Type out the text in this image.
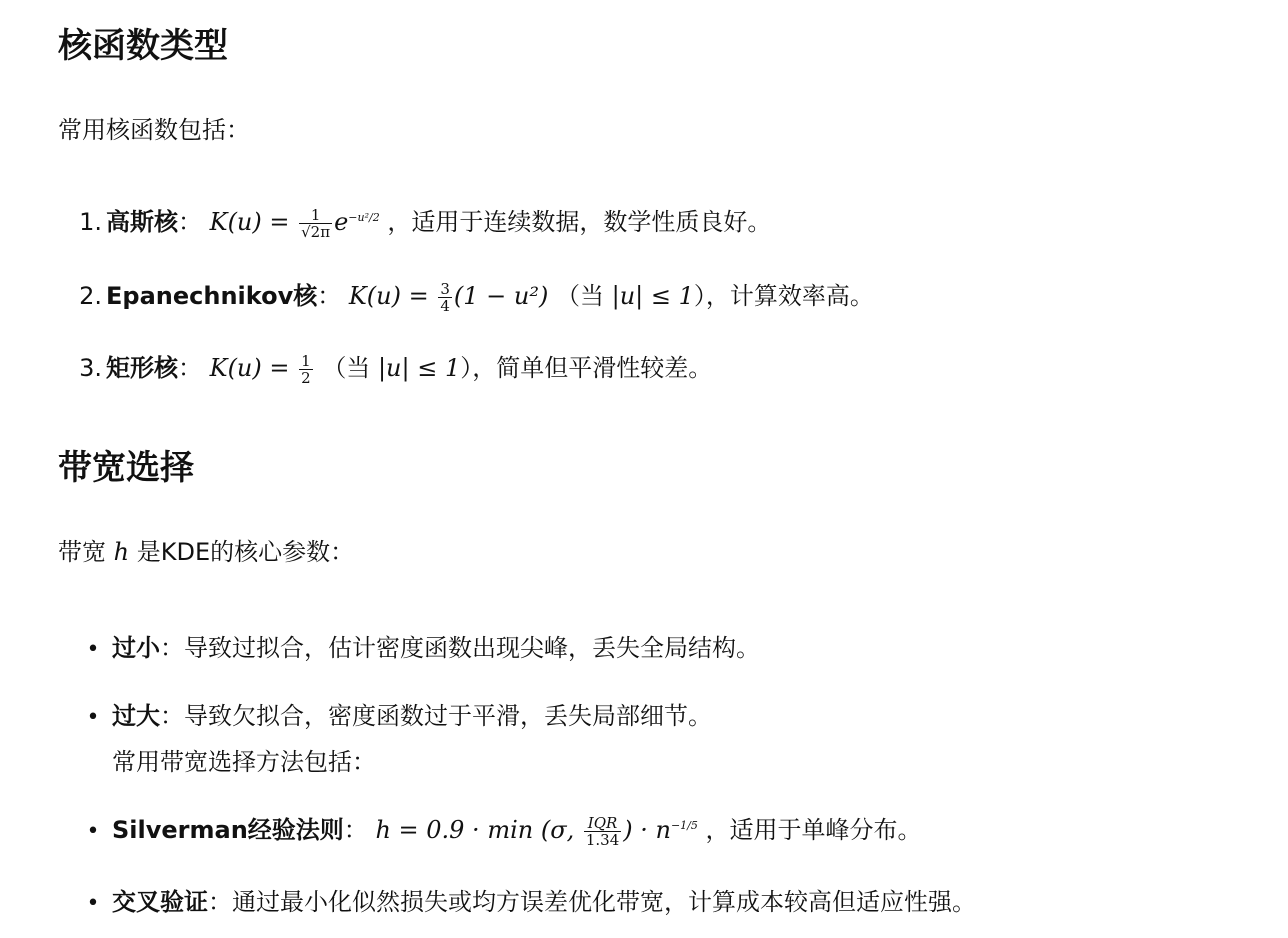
核函数类型

常用核函数包括：

1. 高斯核： $K(u) = \frac{1}{√2\pi} e^{-u^2/2}$ ，适用于连续数据，数学性质良好。
2. Epanechnikov核： $K(u) = \frac{3}{4} (1 - u^2)$ （当 |u| ≤ 1），计算效率高。
3. 矩形核： $K(u) = \frac{1}{2}$ （当 |u| ≤ 1），简单但平滑性较差。
带宽选择

带宽 h 是KDE的核心参数：

• 过小：导致过拟合，估计密度函数出现尖峰，丢失全局结构。
• 过大：导致欠拟合，密度函数过于平滑，丢失局部细节。

常用带宽选择方法包括：

• Silverman经验法则： h = 0.9 · min (σ, $\frac{\text{IQR}}{1.34}$ ) · $n^{-1/5}$ ，适用于单峰分布。
• 交叉验证：通过最小化似然损失或均方误差优化带宽，计算成本较高但适应性强。
